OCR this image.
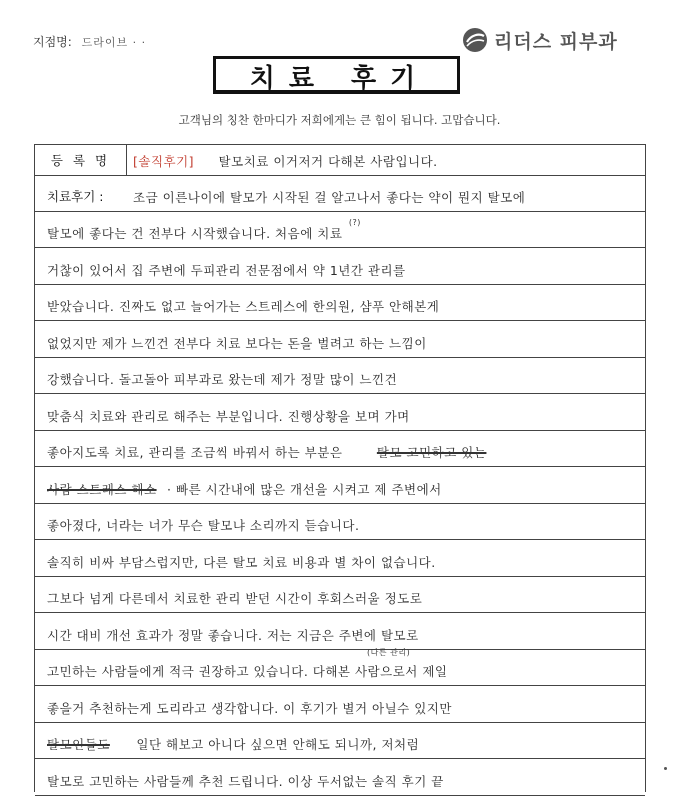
지점명: 드라이브 · ·	리더스 피부과
치료 후기
고객님의 칭찬 한마디가 저희에게는 큰 힘이 됩니다. 고맙습니다.
등 록 명	[솔직후기] 탈모치료 이거저거 다해본 사람입니다.
치료후기 : 조금 이른나이에 탈모가 시작된 걸 알고나서 좋다는 약이 뭔지 탈모에
탈모에 좋다는 건 전부다 시작했습니다. 처음에 치료 (?)
거찮이 있어서 집 주변에 두피관리 전문점에서 약 1년간 관리를
받았습니다. 진짜도 없고 늘어가는 스트레스에 한의원, 샴푸 안해본게
없었지만 제가 느낀건 전부다 치료 보다는 돈을 벌려고 하는 느낌이
강했습니다. 돌고돌아 피부과로 왔는데 제가 정말 많이 느낀건
맞춤식 치료와 관리로 해주는 부분입니다. 진행상황을 보며 가며
좋아지도록 치료, 관리를 조금씩 바꿔서 하는 부분은	탈모 고민하고 있는
사람 스트레스 해소 · 빠른 시간내에 많은 개선을 시켜고 제 주변에서
좋아졌다, 너라는 너가 무슨 탈모냐 소리까지 듣습니다.
솔직히 비싸 부담스럽지만, 다른 탈모 치료 비용과 별 차이 없습니다.
그보다 넘게 다른데서 치료한 관리 받던 시간이 후회스러울 정도로
시간 대비 개선 효과가 정말 좋습니다. 저는 지금은 주변에 탈모로
(다른 관리)
고민하는 사람들에게 적극 권장하고 있습니다. 다해본 사람으로서 제일
좋을거 추천하는게 도리라고 생각합니다. 이 후기가 별거 아닐수 있지만
탈모인들도 일단 해보고 아니다 싶으면 안해도 되니까, 저처럼
탈모로 고민하는 사람들께 추천 드립니다. 이상 두서없는 솔직 후기 끝
